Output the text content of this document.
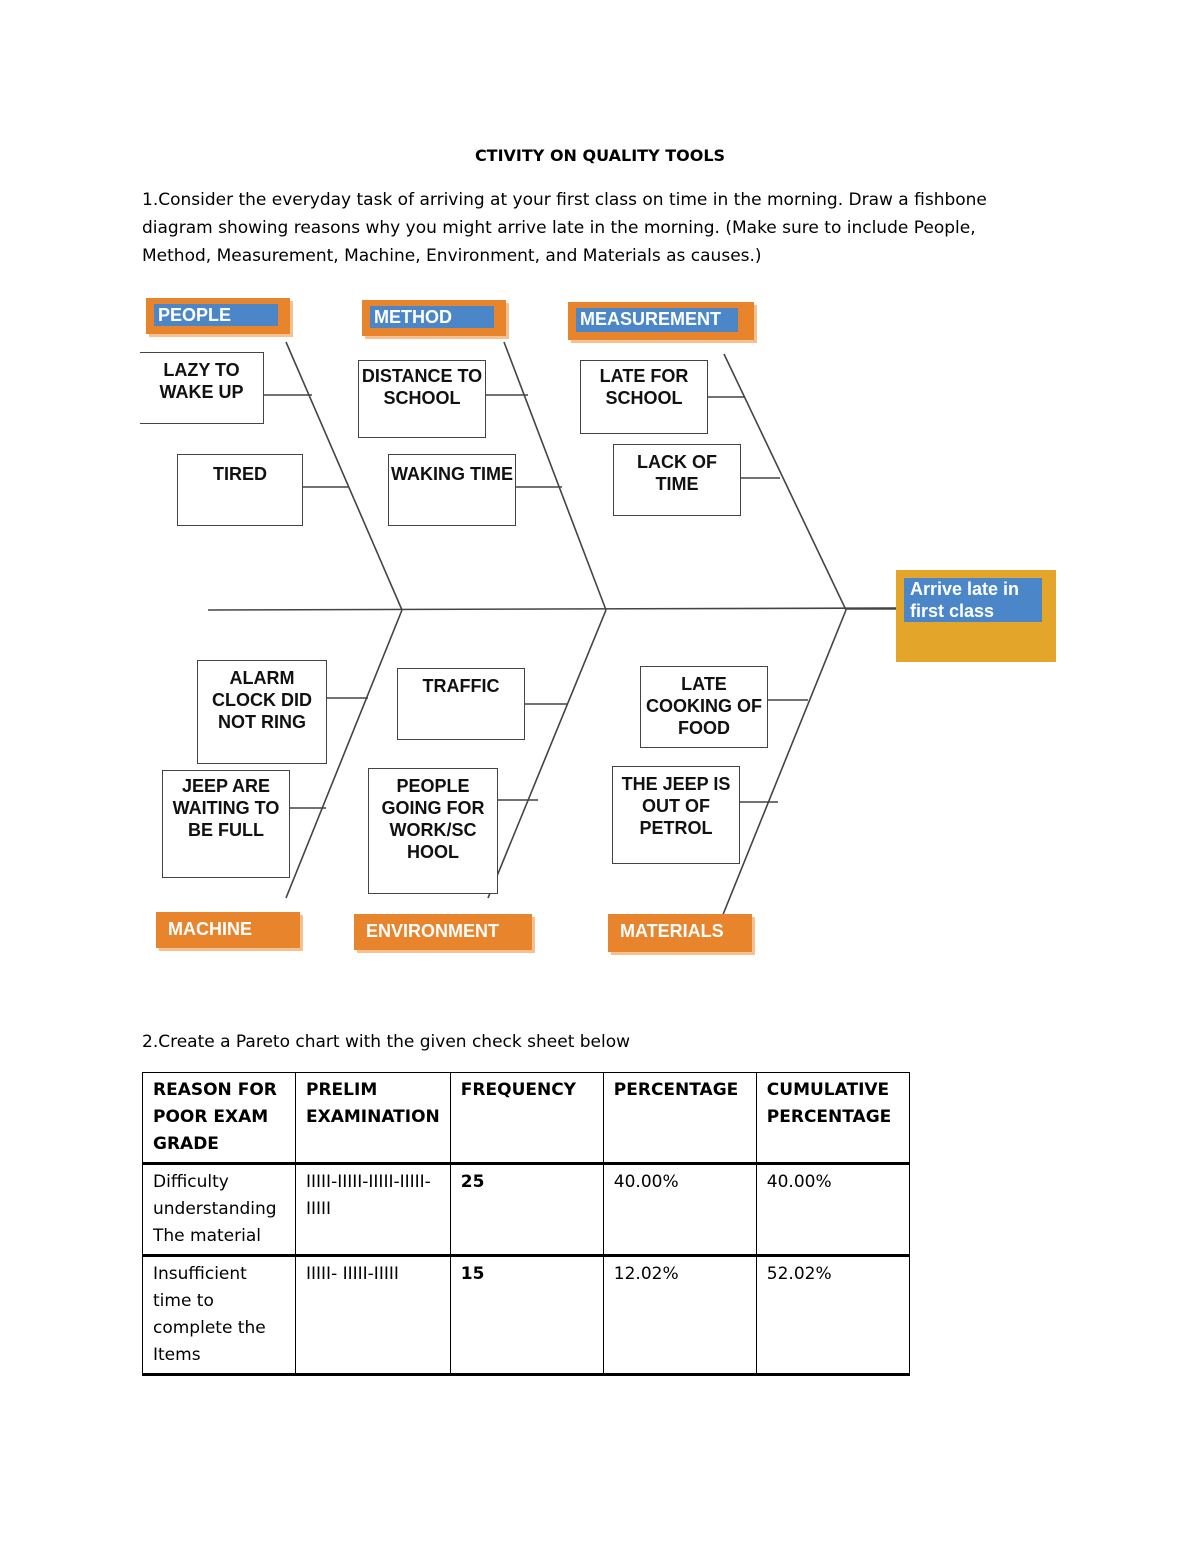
CTIVITY ON QUALITY TOOLS

1.Consider the everyday task of arriving at your first class on time in the morning. Draw a fishbone diagram showing reasons why you might arrive late in the morning. (Make sure to include People, Method, Measurement, Machine, Environment, and Materials as causes.)

PEOPLE	METHOD	MEASUREMENT
MACHINE	ENVIRONMENT	MATERIALS
LAZY TO WAKE UP
TIRED
DISTANCE TO SCHOOL
WAKING TIME
LATE FOR SCHOOL
LACK OF TIME
ALARM CLOCK DID NOT RING
JEEP ARE WAITING TO BE FULL
TRAFFIC
PEOPLE GOING FOR WORK/SC HOOL
LATE COOKING OF FOOD
THE JEEP IS OUT OF PETROL
Arrive late in first class

2.Create a Pareto chart with the given check sheet below

REASON FOR POOR EXAM GRADE	PRELIM EXAMINATION	FREQUENCY	PERCENTAGE	CUMULATIVE PERCENTAGE
Difficulty understanding The material	IIIII-IIIII-IIIII-IIIII-IIIII	25	40.00%	40.00%
Insufficient time to complete the Items	IIIII- IIIII-IIIII	15	12.02%	52.02%
